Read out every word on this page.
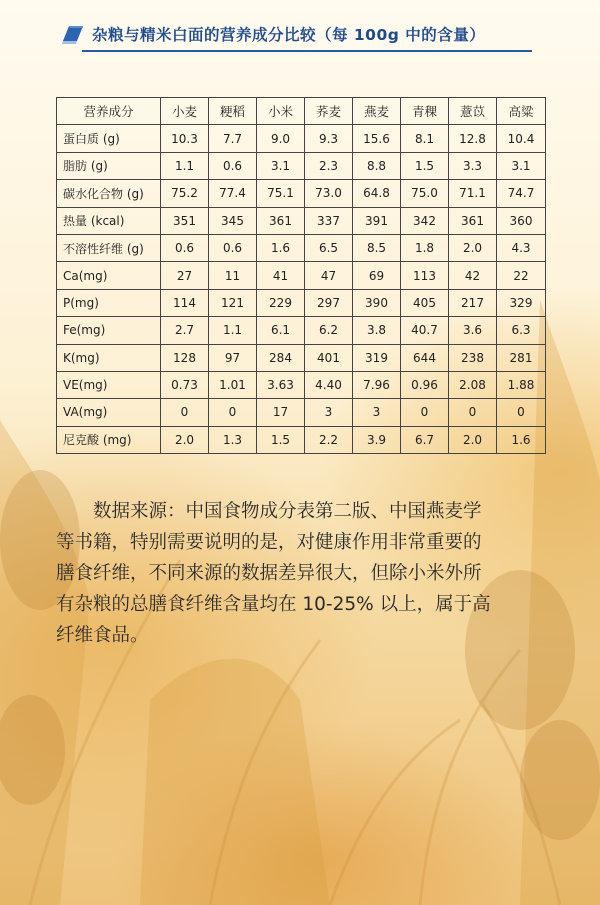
杂粮与精米白面的营养成分比较（每 100g 中的含量）
营养成分	小麦	粳稻	小米	荞麦	燕麦	青稞	薏苡	高粱
蛋白质 (g)	10.3	7.7	9.0	9.3	15.6	8.1	12.8	10.4
脂肪 (g)	1.1	0.6	3.1	2.3	8.8	1.5	3.3	3.1
碳水化合物 (g)	75.2	77.4	75.1	73.0	64.8	75.0	71.1	74.7
热量 (kcal)	351	345	361	337	391	342	361	360
不溶性纤维 (g)	0.6	0.6	1.6	6.5	8.5	1.8	2.0	4.3
Ca(mg)	27	11	41	47	69	113	42	22
P(mg)	114	121	229	297	390	405	217	329
Fe(mg)	2.7	1.1	6.1	6.2	3.8	40.7	3.6	6.3
K(mg)	128	97	284	401	319	644	238	281
VE(mg)	0.73	1.01	3.63	4.40	7.96	0.96	2.08	1.88
VA(mg)	0	0	17	3	3	0	0	0
尼克酸 (mg)	2.0	1.3	1.5	2.2	3.9	6.7	2.0	1.6
　　数据来源：中国食物成分表第二版、中国燕麦学
等书籍，特别需要说明的是，对健康作用非常重要的
膳食纤维，不同来源的数据差异很大，但除小米外所
有杂粮的总膳食纤维含量均在 10-25% 以上，属于高
纤维食品。
